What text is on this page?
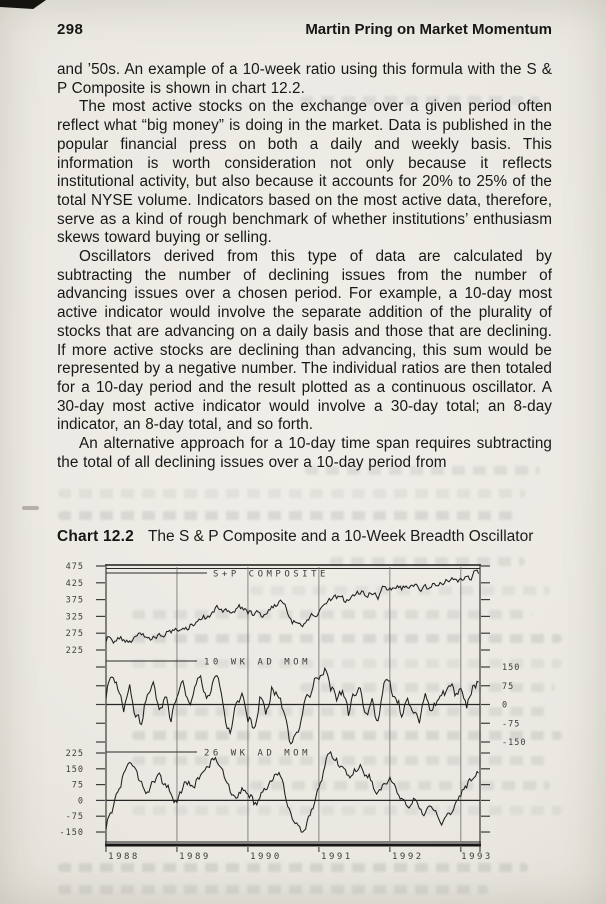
298	Martin Pring on Market Momentum

and ’50s. An example of a 10-week ratio using this formula with the S & P Composite is shown in chart 12.2.

The most active stocks on the exchange over a given period often reflect what “big money” is doing in the market. Data is published in the popular financial press on both a daily and weekly basis. This information is worth consideration not only because it reflects institutional activity, but also because it accounts for 20% to 25% of the total NYSE volume. Indicators based on the most active data, therefore, serve as a kind of rough benchmark of whether institutions’ enthusiasm skews toward buying or selling.

Oscillators derived from this type of data are calculated by subtracting the number of declining issues from the number of advancing issues over a chosen period. For example, a 10-day most active indicator would involve the separate addition of the plurality of stocks that are advancing on a daily basis and those that are declining. If more active stocks are declining than advancing, this sum would be represented by a negative number. The individual ratios are then totaled for a 10-day period and the result plotted as a continuous oscillator. A 30-day most active indicator would involve a 30-day total; an 8-day indicator, an 8-day total, and so forth.

An alternative approach for a 10-day time span requires subtracting the total of all declining issues over a 10-day period from

Chart 12.2 The S & P Composite and a 10-Week Breadth Oscillator
1988	1989	1990	1991	1992	1993
475
425
375
325
275
225
S+P COMPOSITE
150
75
0
-75
-150
10 WK AD MOM
225
150
75
0
-75
-150
26 WK AD MOM
